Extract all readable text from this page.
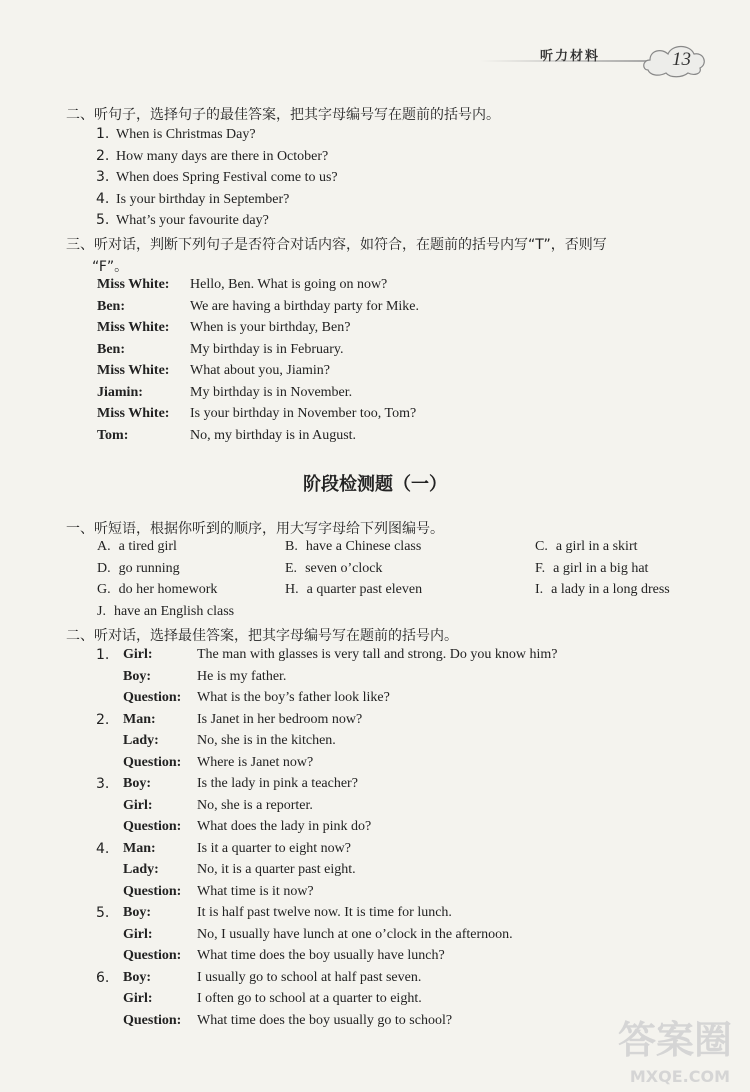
听力材料	13
二、听句子，选择句子的最佳答案，把其字母编号写在题前的括号内。
1. When is Christmas Day?
2. How many days are there in October?
3. When does Spring Festival come to us?
4. Is your birthday in September?
5. What’s your favourite day?
三、听对话，判断下列句子是否符合对话内容，如符合，在题前的括号内写“T”，否则写
“F”。
Miss White: Hello, Ben. What is going on now?
Ben:	We are having a birthday party for Mike.
Miss White: When is your birthday, Ben?
Ben:	My birthday is in February.
Miss White: What about you, Jiamin?
Jiamin:	My birthday is in November.
Miss White: Is your birthday in November too, Tom?
Tom:	No, my birthday is in August.
阶段检测题（一）
一、听短语，根据你听到的顺序，用大写字母给下列图编号。
A. a tired girl	B. have a Chinese class	C. a girl in a skirt
D. go running	E. seven o’clock	F. a girl in a big hat
G. do her homework	H. a quarter past eleven	I. a lady in a long dress
J. have an English class
二、听对话，选择最佳答案，把其字母编号写在题前的括号内。
1. Girl:	The man with glasses is very tall and strong. Do you know him?
Boy:	He is my father.
Question: What is the boy’s father look like?
2. Man:	Is Janet in her bedroom now?
Lady:	No, she is in the kitchen.
Question: Where is Janet now?
3. Boy:	Is the lady in pink a teacher?
Girl:	No, she is a reporter.
Question: What does the lady in pink do?
4. Man:	Is it a quarter to eight now?
Lady:	No, it is a quarter past eight.
Question: What time is it now?
5. Boy:	It is half past twelve now. It is time for lunch.
Girl:	No, I usually have lunch at one o’clock in the afternoon.
Question: What time does the boy usually have lunch?
6. Boy:	I usually go to school at half past seven.
Girl:	I often go to school at a quarter to eight.
Question: What time does the boy usually go to school?	答案圈
MXQE.COM
